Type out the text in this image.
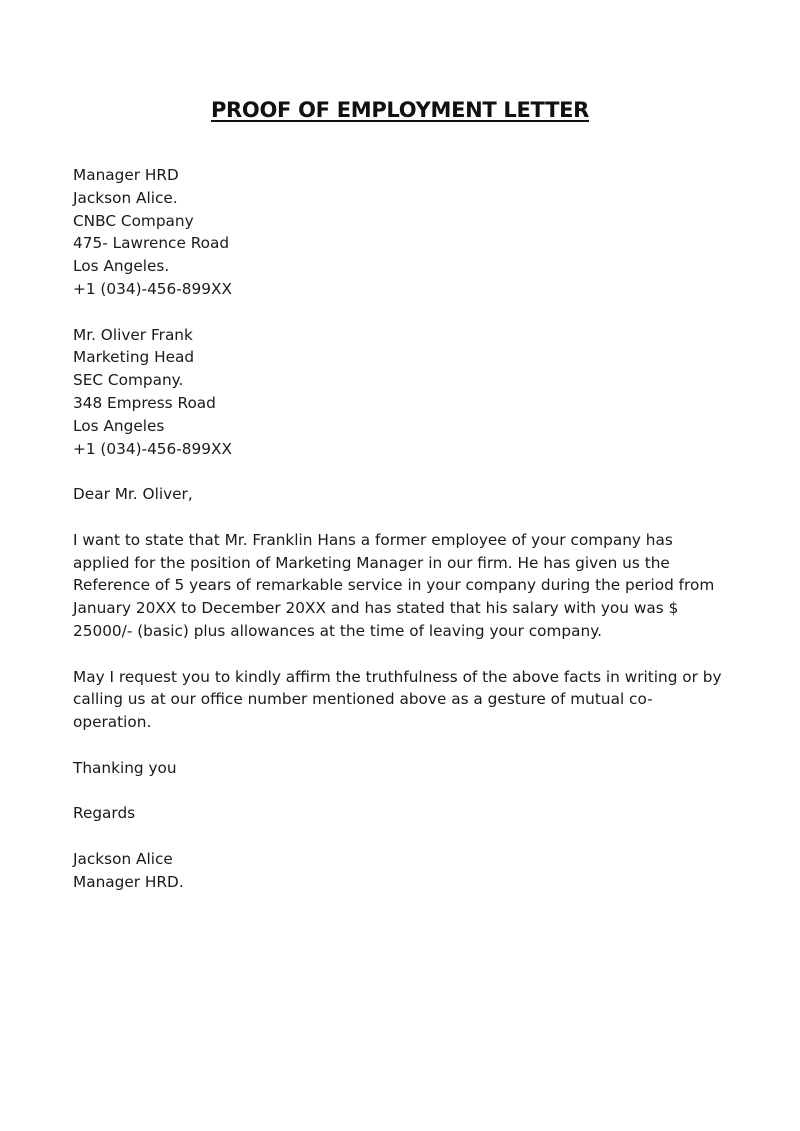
PROOF OF EMPLOYMENT LETTER
Manager HRD
Jackson Alice.
CNBC Company
475- Lawrence Road
Los Angeles.
+1 (034)-456-899XX
Mr. Oliver Frank
Marketing Head
SEC Company.
348 Empress Road
Los Angeles
+1 (034)-456-899XX
Dear Mr. Oliver,
I want to state that Mr. Franklin Hans a former employee of your company has
applied for the position of Marketing Manager in our firm. He has given us the
Reference of 5 years of remarkable service in your company during the period from
January 20XX to December 20XX and has stated that his salary with you was $
25000/- (basic) plus allowances at the time of leaving your company.
May I request you to kindly affirm the truthfulness of the above facts in writing or by
calling us at our office number mentioned above as a gesture of mutual co-
operation.
Thanking you
Regards
Jackson Alice
Manager HRD.
